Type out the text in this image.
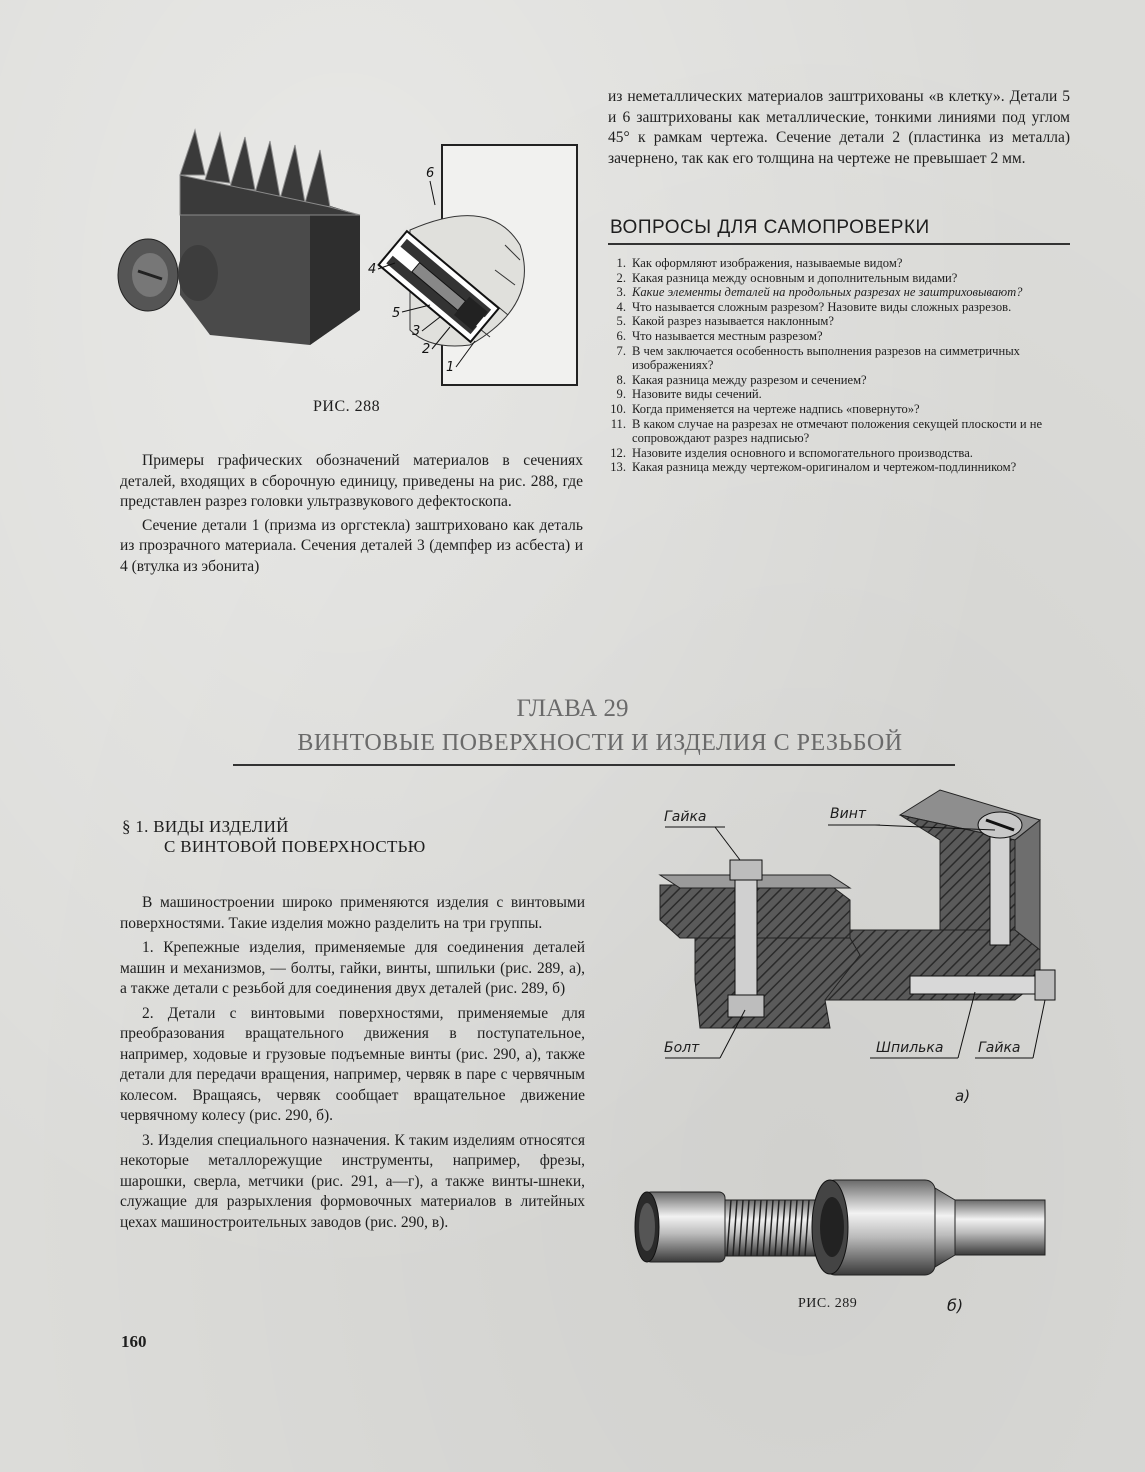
6
4
5
3
2
1
РИС. 288

Примеры графических обозначений материалов в сечениях деталей, входящих в сборочную единицу, приведены на рис. 288, где представлен разрез головки ультразвукового дефектоскопа.

Сечение детали 1 (призма из оргстекла) заштриховано как деталь из прозрачного материала. Сечения деталей 3 (демпфер из асбеста) и 4 (втулка из эбонита)

из неметаллических материалов заштрихованы «в клетку». Детали 5 и 6 заштрихованы как металлические, тонкими линиями под углом 45° к рамкам чертежа. Сечение детали 2 (пластинка из металла) зачернено, так как его толщина на чертеже не превышает 2 мм.

ВОПРОСЫ ДЛЯ САМОПРОВЕРКИ
1. Как оформляют изображения, называемые видом?
2. Какая разница между основным и дополнительным видами?
3. Какие элементы деталей на продольных разрезах не заштриховывают?
4. Что называется сложным разрезом? Назовите виды сложных разрезов.
5. Какой разрез называется наклонным?
6. Что называется местным разрезом?
7. В чем заключается особенность выполнения разрезов на симметричных изображениях?
8. Какая разница между разрезом и сечением?
9. Назовите виды сечений.
10. Когда применяется на чертеже надпись «повернуто»?
11. В каком случае на разрезах не отмечают положения секущей плоскости и не сопровождают разрез надписью?
12. Назовите изделия основного и вспомогательного производства.
13. Какая разница между чертежом-оригиналом и чертежом-подлинником?
ГЛАВА 29
ВИНТОВЫЕ ПОВЕРХНОСТИ И ИЗДЕЛИЯ С РЕЗЬБОЙ
§ 1. ВИДЫ ИЗДЕЛИЙ
С ВИНТОВОЙ ПОВЕРХНОСТЬЮ

В машиностроении широко применяются изделия с винтовыми поверхностями. Такие изделия можно разделить на три группы.

1. Крепежные изделия, применяемые для соединения деталей машин и механизмов, — болты, гайки, винты, шпильки (рис. 289, а), а также детали с резьбой для соединения двух деталей (рис. 289, б)

2. Детали с винтовыми поверхностями, применяемые для преобразования вращательного движения в поступательное, например, ходовые и грузовые подъемные винты (рис. 290, а), также детали для передачи вращения, например, червяк в паре с червячным колесом. Вращаясь, червяк сообщает вращательное движение червячному колесу (рис. 290, б).

3. Изделия специального назначения. К таким изделиям относятся некоторые металлорежущие инструменты, например, фрезы, шарошки, сверла, метчики (рис. 291, а—г), а также винты-шнеки, служащие для разрыхления формовочных материалов в литейных цехах машиностроительных заводов (рис. 290, в).

Гайка	Винт
Болт	Шпилька Гайка
а)
РИС. 289	б)
160
